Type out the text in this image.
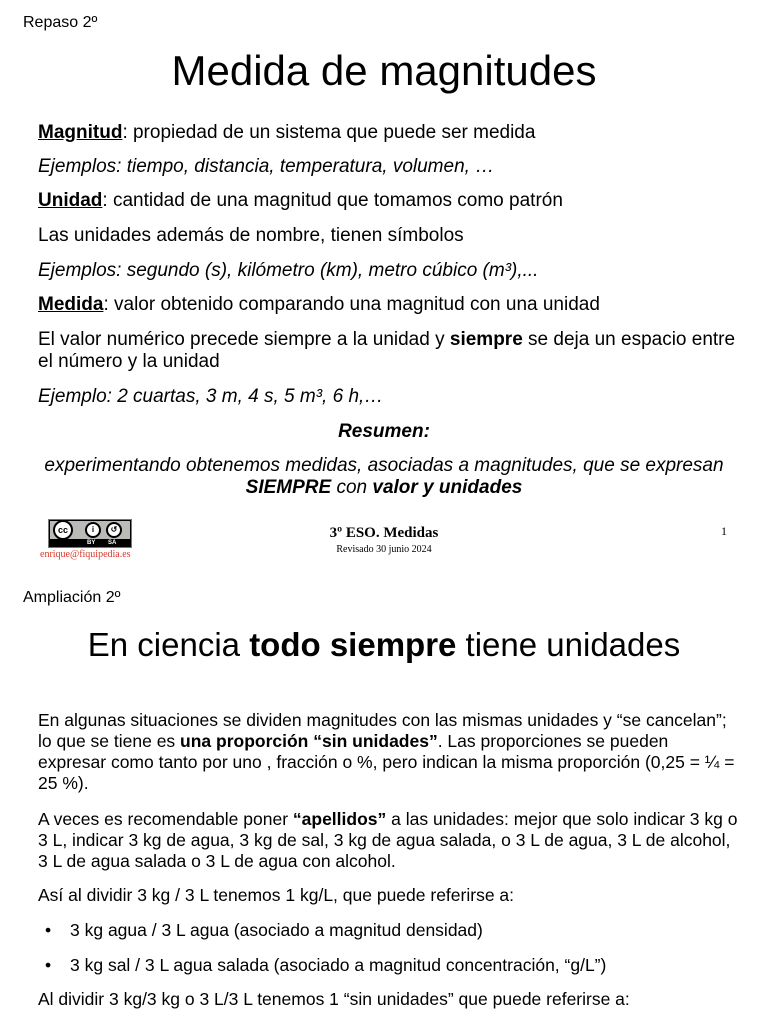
Repaso 2º
Medida de magnitudes
Magnitud: propiedad de un sistema que puede ser medida
Ejemplos: tiempo, distancia, temperatura, volumen, …
Unidad: cantidad de una magnitud que tomamos como patrón
Las unidades además de nombre, tienen símbolos
Ejemplos: segundo (s), kilómetro (km), metro cúbico (m³),...
Medida: valor obtenido comparando una magnitud con una unidad
El valor numérico precede siempre a la unidad y siempre se deja un espacio entre el número y la unidad
Ejemplo: 2 cuartas, 3 m, 4 s, 5 m³, 6 h,…
Resumen:
experimentando obtenemos medidas, asociadas a magnitudes, que se expresan SIEMPRE con valor y unidades
cc	i	↺
BY SA
enrique@fiquipedia.es
3º ESO. Medidas
Revisado 30 junio 2024
1
Ampliación 2º
En ciencia todo siempre tiene unidades
En algunas situaciones se dividen magnitudes con las mismas unidades y “se cancelan”; lo que se tiene es una proporción “sin unidades”. Las proporciones se pueden expresar como tanto por uno , fracción o %, pero indican la misma proporción (0,25 = ¼ = 25 %).
A veces es recomendable poner “apellidos” a las unidades: mejor que solo indicar 3 kg o 3 L, indicar 3 kg de agua, 3 kg de sal, 3 kg de agua salada, o 3 L de agua, 3 L de alcohol, 3 L de agua salada o 3 L de agua con alcohol.
Así al dividir 3 kg / 3 L tenemos 1 kg/L, que puede referirse a:
• 3 kg agua / 3 L agua (asociado a magnitud densidad)
• 3 kg sal / 3 L agua salada (asociado a magnitud concentración, “g/L”)
Al dividir 3 kg/3 kg o 3 L/3 L tenemos 1 “sin unidades” que puede referirse a:
